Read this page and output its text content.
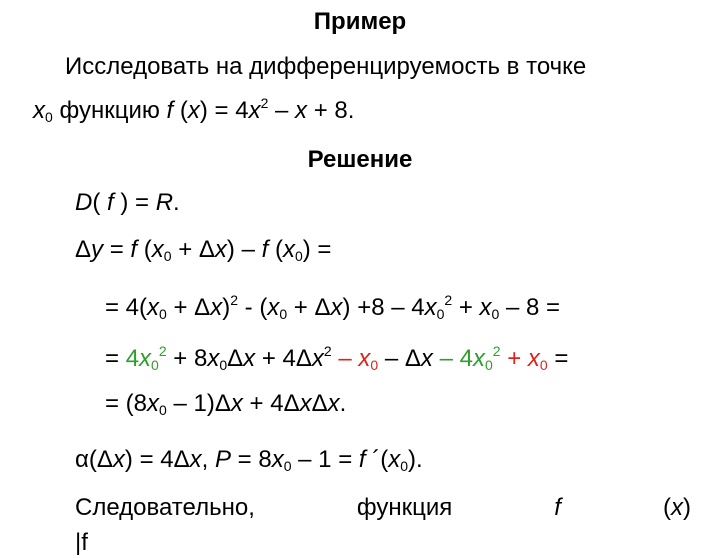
Пример
Исследовать на дифференцируемость в точке
$x_0$ функцию f $(x) = 4x^2 - x + 8$.
Решение
D( f ) = R.
Δy = f $(x_0 + \Delta x) - f$ $(x_0)$ =
= $4(x_0 + \Delta x)^2 - (x_0 + \Delta x) +8 - 4x_0^2 + x_0 - 8$ =
= $4x_0^2 + 8x_0\Delta x + 4\Delta x^2 - x_0 - \Delta x - 4x_0^2 + x_0$ =
= $(8x_0 - 1)\Delta x + 4\Delta x\Delta x$.
α(Δx) = 4Δx, $P = 8x_0 - 1 = f$ $´(x_0)$.
Следовательно,	функция	f	(x)
|f
